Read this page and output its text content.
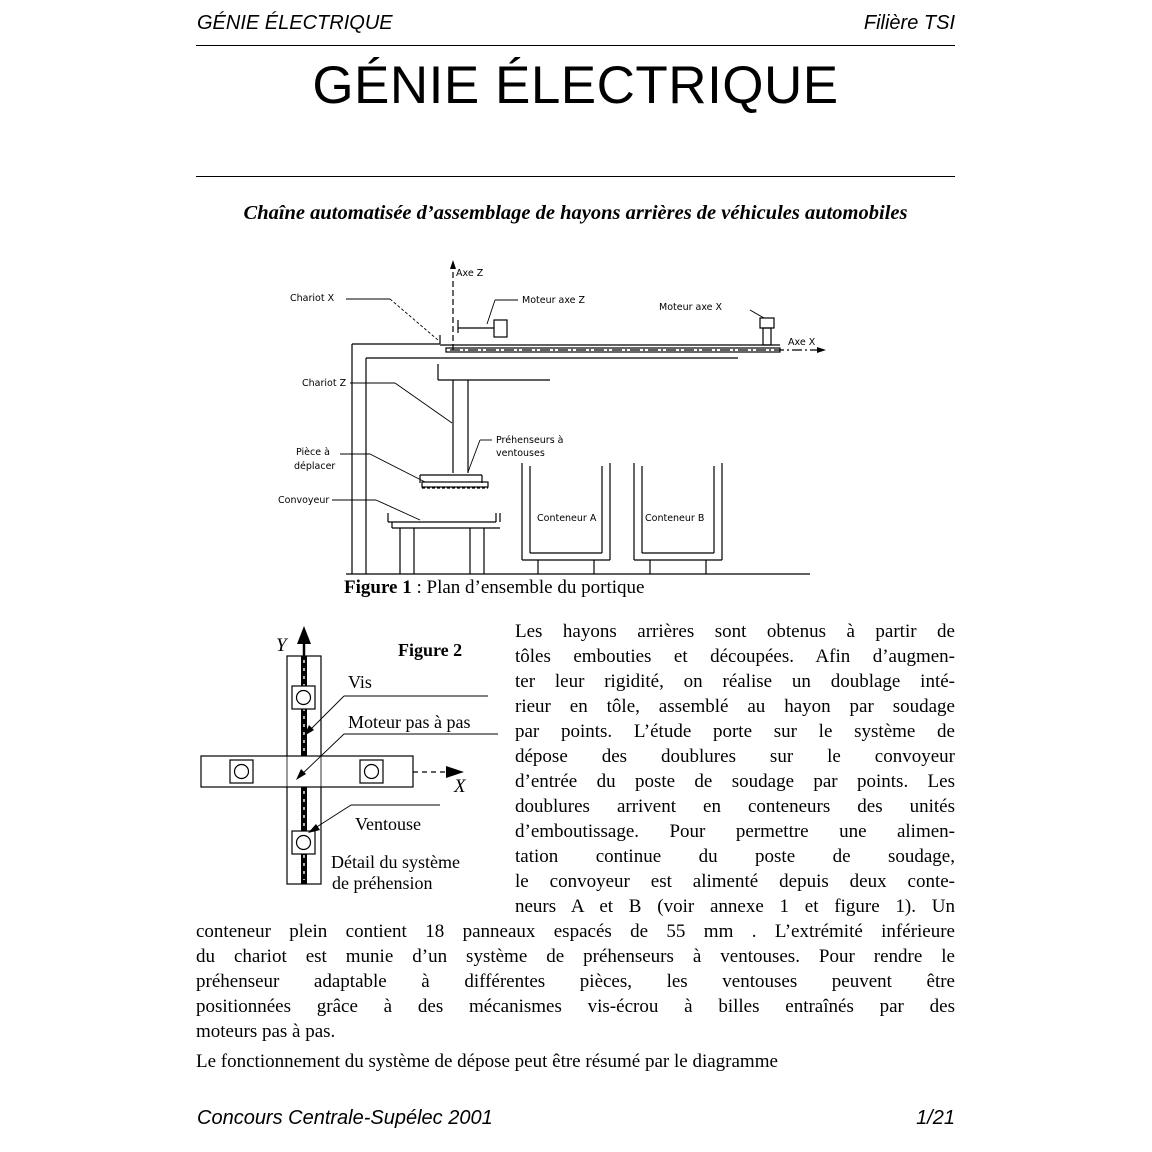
GÉNIE ÉLECTRIQUE	Filière TSI
GÉNIE ÉLECTRIQUE
Chaîne automatisée d’assemblage de hayons arrières de véhicules automobiles
Axe Z
Chariot X	Moteur axe Z
Moteur axe X
Axe X
Chariot Z
Préhenseurs à
ventouses
Pièce à
déplacer
Convoyeur
Conteneur A	Conteneur B
Figure 1 : Plan d’ensemble du portique
Y	Figure 2
Vis
Moteur pas à pas
X
Ventouse
Détail du système
de préhension

Les hayons arrières sont obtenus à partir de

tôles embouties et découpées. Afin d’augmen-

ter leur rigidité, on réalise un doublage inté-

rieur en tôle, assemblé au hayon par soudage

par points. L’étude porte sur le système de

dépose des doublures sur le convoyeur

d’entrée du poste de soudage par points. Les

doublures arrivent en conteneurs des unités

d’emboutissage. Pour permettre une alimen-

tation continue du poste de soudage,

le convoyeur est alimenté depuis deux conte-

neurs A et B (voir annexe 1 et figure 1). Un

conteneur plein contient 18 panneaux espacés de 55 mm . L’extrémité inférieure

du chariot est munie d’un système de préhenseurs à ventouses. Pour rendre le

préhenseur adaptable à différentes pièces, les ventouses peuvent être

positionnées grâce à des mécanismes vis-écrou à billes entraînés par des

moteurs pas à pas.
Le fonctionnement du système de dépose peut être résumé par le diagramme
Concours Centrale-Supélec 2001	1/21
